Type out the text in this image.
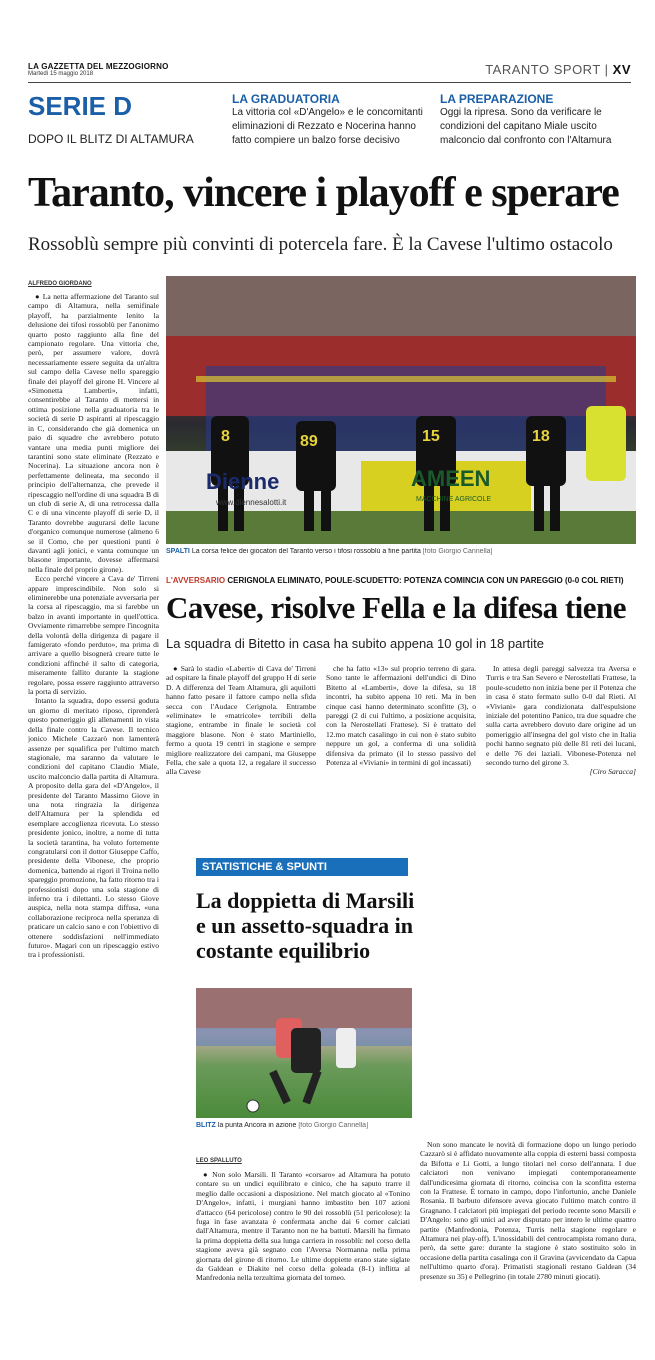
LA GAZZETTA DEL MEZZOGIORNO
Martedì 15 maggio 2018	TARANTO SPORT | XV
SERIE D
DOPO IL BLITZ DI ALTAMURA
LA GRADUATORIA
La vittoria col «D'Angelo» e le concomitanti eliminazioni di Rezzato e Nocerina hanno fatto compiere un balzo forse decisivo
LA PREPARAZIONE
Oggi la ripresa. Sono da verificare le condizioni del capitano Miale uscito malconcio dal confronto con l'Altamura
Taranto, vincere i playoff e sperare
Rossoblù sempre più convinti di potercela fare. È la Cavese l'ultimo ostacolo
ALFREDO GIORDANO

● La netta affermazione del Taranto sul campo di Altamura, nella semifinale playoff, ha parzialmente lenito la delusione dei tifosi rossoblù per l'anonimo quarto posto raggiunto alla fine del campionato regolare. Una vittoria che, però, per assumere valore, dovrà necessariamente essere seguita da un'altra sul campo della Cavese nello spareggio finale dei playoff del girone H. Vincere al «Simonetta Lamberti», infatti, consentirebbe al Taranto di mettersi in ottima posizione nella graduatoria tra le società di serie D aspiranti al ripescaggio in C, considerando che già domenica un paio di squadre che avrebbero potuto vantare una media punti migliore dei tarantini sono state eliminate (Rezzato e Nocerina). La situazione ancora non è perfettamente delineata, ma secondo il principio dell'alternanza, che prevede il ripescaggio nell'ordine di una squadra B di un club di serie A, di una retrocessa dalla C e di una vincente playoff di serie D, il Taranto dovrebbe augurarsi delle lacune d'organico comunque numerose (almeno 6 se il Como, che per questioni punti è davanti agli jonici, e vanta comunque un blasone importante, dovesse affermarsi nella finale del proprio girone).

Ecco perché vincere a Cava de' Tirreni appare imprescindibile. Non solo si eliminerebbe una potenziale avversaria per la corsa al ripescaggio, ma si farebbe un balzo in avanti importante in quell'ottica. Ovviamente rimarrebbe sempre l'incognita della volontà della dirigenza di pagare il famigerato «fondo perduto», ma prima di arrivare a quello bisognerà creare tutte le condizioni affinché il salto di categoria, miseramente fallito durante la stagione regolare, possa essere raggiunto attraverso la porta di servizio.

Intanto la squadra, dopo essersi goduta un giorno di meritato riposo, riprenderà questo pomeriggio gli allenamenti in vista della finale contro la Cavese. Il tecnico jonico Michele Cazzarò non lamenterà assenze per squalifica per l'ultimo match stagionale, ma saranno da valutare le condizioni del capitano Claudio Miale, uscito malconcio dalla partita di Altamura. A proposito della gara del «D'Angelo», il presidente del Taranto Massimo Giove in una nota ringrazia la dirigenza dell'Altamura per la splendida ed esemplare accoglienza ricevuta. Lo stesso presidente jonico, inoltre, a nome di tutta la società tarantina, ha voluto fortemente congratularsi con il dottor Giuseppe Caffo, presidente della Vibonese, che proprio domenica, battendo ai rigori il Troina nello spareggio promozione, ha fatto ritorno tra i professionisti dopo una sola stagione di inferno tra i dilettanti. Lo stesso Giove auspica, nella nota stampa diffusa, «una collaborazione reciproca nella speranza di praticare un calcio sano e con l'obiettivo di ottenere soddisfazioni nell'immediato futuro». Magari con un ripescaggio estivo tra i professionisti.

8	89	15	18
Dienne
www.diennesalotti.it
AMEEN
MACCHINE AGRICOLE
SPALTI La corsa felice dei giocatori del Taranto verso i tifosi rossoblù a fine partita [foto Giorgio Cannella]
L'AVVERSARIO CERIGNOLA ELIMINATO, POULE-SCUDETTO: POTENZA COMINCIA CON UN PAREGGIO (0-0 COL RIETI)
Cavese, risolve Fella e la difesa tiene
La squadra di Bitetto in casa ha subito appena 10 gol in 18 partite

● Sarà lo stadio «Laberti» di Cava de' Tirreni ad ospitare la finale playoff del gruppo H di serie D. A differenza del Team Altamura, gli aquilotti hanno fatto pesare il fattore campo nella sfida secca con l'Audace Cerignola. Entrambe «eliminate» le «matricole» terribili della stagione, entrambe in finale le società col maggiore blasone. Non è stato Martiniello, fermo a quota 19 centri in stagione e sempre migliore realizzatore dei campani, ma Giuseppe Fella, che sale a quota 12, a regalare il successo alla Cavese

che ha fatto «13» sul proprio terreno di gara. Sono tante le affermazioni dell'undici di Dino Bitetto al «Lamberti», dove la difesa, su 18 incontri, ha subito appena 10 reti. Ma in ben cinque casi hanno determinato sconfitte (3), o pareggi (2 di cui l'ultimo, a posizione acquisita, con la Nerostellati Frattese). Si è trattato del 12.mo match casalingo in cui non è stato subito neppure un gol, a conferma di una solidità difensiva da primato (il lo stesso passivo del Potenza al «Viviani» in termini di gol incassati)

In attesa degli pareggi salvezza tra Aversa e Turris e tra San Severo e Nerostellati Frattese, la poule-scudetto non inizia bene per il Potenza che in casa è stato fermato sullo 0-0 dal Rieti. Al «Viviani» gara condizionata dall'espulsione iniziale del potentino Panico, tra due squadre che sulla carta avrebbero dovuto dare origine ad un pomeriggio all'insegna del gol visto che in Italia pochi hanno segnato più delle 81 reti dei lucani, e delle 76 dei laziali. Vibonese-Potenza nel secondo turno del girone 3.

[Ciro Saracca]
STATISTICHE & SPUNTI
La doppietta di Marsili e un assetto-squadra in costante equilibrio
BLITZ la punta Ancora in azione [foto Giorgio Cannella]
LEO SPALLUTO

● Non solo Marsili. Il Taranto «corsaro» ad Altamura ha potuto contare su un undici equilibrato e cinico, che ha saputo trarre il meglio dalle occasioni a disposizione. Nel match giocato al «Tonino D'Angelo», infatti, i murgiani hanno imbastito ben 107 azioni d'attacco (64 pericolose) contro le 90 dei rossoblù (51 pericolose): la fuga in fase avanzata è confermata anche dai 6 corner calciati dall'Altamura, mentre il Taranto non ne ha battuti. Marsili ha firmato la prima doppietta della sua lunga carriera in rossoblù: nel corso della stagione aveva già segnato con l'Aversa Normanna nella prima giornata del girone di ritorno. Le ultime doppiette erano state siglate da Galdean e Diakite nel corso della goleada (8-1) inflitta al Manfredonia nella terzultima giornata del torneo.

Non sono mancate le novità di formazione dopo un lungo periodo Cazzarò si è affidato nuovamente alla coppia di esterni bassi composta da Bifotta e Li Gotti, a lungo titolari nel corso dell'annata. I due calciatori non venivano impiegati contemporaneamente dall'undicesima giornata di ritorno, coincisa con la sconfitta esterna con la Frattese. È tornato in campo, dopo l'infortunio, anche Daniele Rosania. Il barbuto difensore aveva giocato l'ultimo match contro il Gragnano. I calciatori più impiegati del periodo recente sono Marsili e D'Angelo: sono gli unici ad aver disputato per intero le ultime quattro partite (Manfredonia, Potenza, Turris nella stagione regolare e Altamura nei play-off). L'inossidabili del centrocampista romano dura, però, da sette gare: durante la stagione è stato sostituito solo in occasione della partita casalinga con il Gravina (avvicendato da Capua nell'ultimo quarto d'ora). Primatisti stagionali restano Galdean (34 presenze su 35) e Pellegrino (in totale 2780 minuti giocati).
